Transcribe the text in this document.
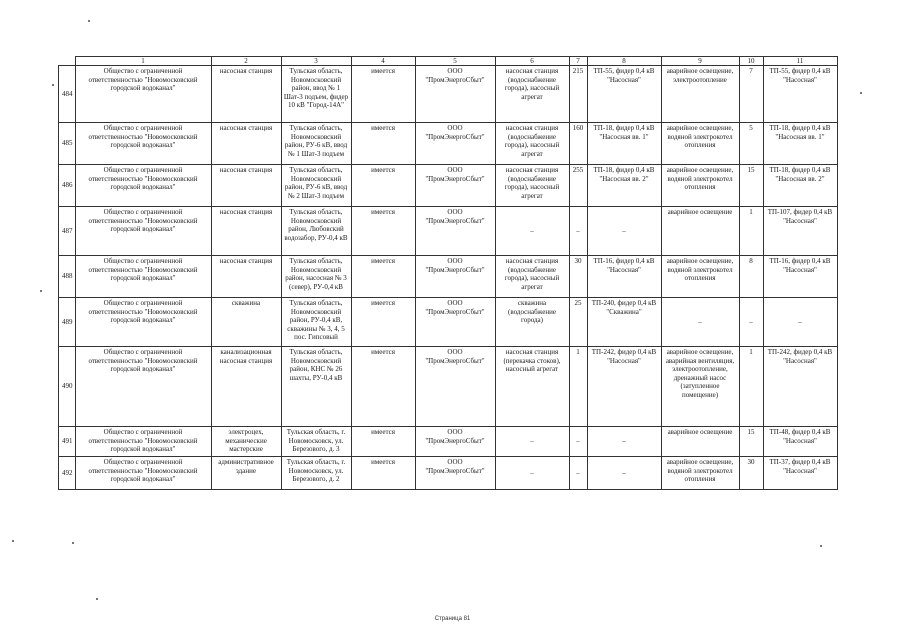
	1	2	3	4	5	6	7	8	9	10	11
484	Общество с ограниченной ответственностью "Новомосковский городской водоканал"	насосная станция	Тульская область, Новомосковский район, ввод № 1 Шат-3 подъем, фидер 10 кВ "Город-14А"	имеется	ООО "ПромЭнергоСбыт"	насосная станция (водоснабжение города), насосный агрегат	215	ТП-55, фидер 0,4 кВ "Насосная"	аварийное освещение, электроотопление	7	ТП-55, фидер 0,4 кВ "Насосная"
485	Общество с ограниченной ответственностью "Новомосковский городской водоканал"	насосная станция	Тульская область, Новомосковский район, РУ-6 кВ, ввод № 1 Шат-3 подъем	имеется	ООО "ПромЭнергоСбыт"	насосная станция (водоснабжение города), насосный агрегат	160	ТП-18, фидер 0,4 кВ "Насосная вв. 1"	аварийное освещение, водяной электрокотел отопления	5	ТП-18, фидер 0,4 кВ "Насосная вв. 1"
486	Общество с ограниченной ответственностью "Новомосковский городской водоканал"	насосная станция	Тульская область, Новомосковский район, РУ-6 кВ, ввод № 2 Шат-3 подъем	имеется	ООО "ПромЭнергоСбыт"	насосная станция (водоснабжение города), насосный агрегат	255	ТП-18, фидер 0,4 кВ "Насосная вв. 2"	аварийное освещение, водяной электрокотел отопления	15	ТП-18, фидер 0,4 кВ "Насосная вв. 2"
487	Общество с ограниченной ответственностью "Новомосковский городской водоканал"	насосная станция	Тульская область, Новомосковский район, Любовский водозабор, РУ-0,4 кВ	имеется	ООО "ПромЭнергоСбыт"	–	–	–	аварийное освещение	1	ТП-107, фидер 0,4 кВ "Насосная"
488	Общество с ограниченной ответственностью "Новомосковский городской водоканал"	насосная станция	Тульская область, Новомосковский район, насосная № 3 (север), РУ-0,4 кВ	имеется	ООО "ПромЭнергоСбыт"	насосная станция (водоснабжение города), насосный агрегат	30	ТП-16, фидер 0,4 кВ "Насосная"	аварийное освещение, водяной электрокотел отопления	8	ТП-16, фидер 0,4 кВ "Насосная"
489	Общество с ограниченной ответственностью "Новомосковский городской водоканал"	скважина	Тульская область, Новомосковский район, РУ-0,4 кВ, скважины № 3, 4, 5 пос. Гипсовый	имеется	ООО "ПромЭнергоСбыт"	скважина (водоснабжение города)	25	ТП-240, фидер 0,4 кВ "Скважина"	–	–	–
490	Общество с ограниченной ответственностью "Новомосковский городской водоканал"	канализационная насосная станция	Тульская область, Новомосковский район, КНС № 26 шахты, РУ-0,4 кВ	имеется	ООО "ПромЭнергоСбыт"	насосная станция (перекачка стоков), насосный агрегат	1	ТП-242, фидер 0,4 кВ "Насосная"	аварийное освещение, аварийная вентиляция, электроотопление, дренажный насос (затупленное помещение)	1	ТП-242, фидер 0,4 кВ "Насосная"
491	Общество с ограниченной ответственностью "Новомосковский городской водоканал"	электроцех, механические мастерские	Тульская область, г. Новомосковск, ул. Березового, д. 3	имеется	ООО "ПромЭнергоСбыт"	–	–	–	аварийное освещение	15	ТП-48, фидер 0,4 кВ "Насосная"
492	Общество с ограниченной ответственностью "Новомосковский городской водоканал"	административное здание	Тульская область, г. Новомосковск, ул. Березового, д. 2	имеется	ООО "ПромЭнергоСбыт"	–	–	–	аварийное освещение, водяной электрокотел отопления	30	ТП-37, фидер 0,4 кВ "Насосная"
Страница 81
